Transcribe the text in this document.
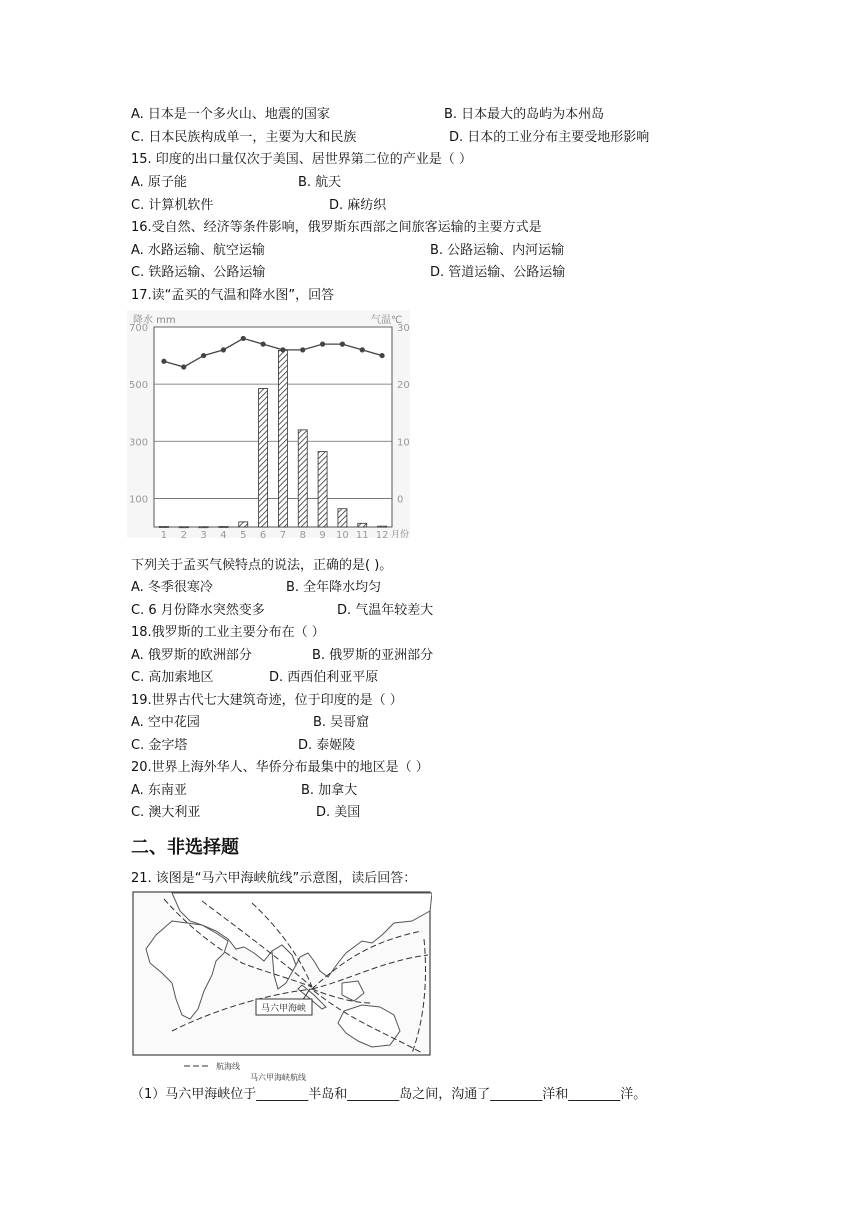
A. 日本是一个多火山、地震的国家	B. 日本最大的岛屿为本州岛
C. 日本民族构成单一，主要为大和民族	D. 日本的工业分布主要受地形影响
15. 印度的出口量仅次于美国、居世界第二位的产业是（ ）
A. 原子能	B. 航天
C. 计算机软件	D. 麻纺织
16.受自然、经济等条件影响，俄罗斯东西部之间旅客运输的主要方式是
A. 水路运输、航空运输	B. 公路运输、内河运输
C. 铁路运输、公路运输	D. 管道运输、公路运输
17.读“孟买的气温和降水图”，回答
700
500
300
100
30
20
10
0
1 2 3 4 5 6 7 8 9 10 11 12
降水 mm	气温℃
月份
下列关于孟买气候特点的说法，正确的是( )。
A. 冬季很寒冷	B. 全年降水均匀
C. 6 月份降水突然变多	D. 气温年较差大
18.俄罗斯的工业主要分布在（ ）
A. 俄罗斯的欧洲部分	B. 俄罗斯的亚洲部分
C. 高加索地区	D. 西西伯利亚平原
19.世界古代七大建筑奇迹，位于印度的是（ ）
A. 空中花园	B. 吴哥窟
C. 金字塔	D. 泰姬陵
20.世界上海外华人、华侨分布最集中的地区是（ ）
A. 东南亚	B. 加拿大
C. 澳大利亚	D. 美国
二、非选择题
21. 该图是“马六甲海峡航线”示意图，读后回答：
马六甲海峡
航海线
马六甲海峡航线
（1）马六甲海峡位于________半岛和________岛之间，沟通了________洋和________洋。
